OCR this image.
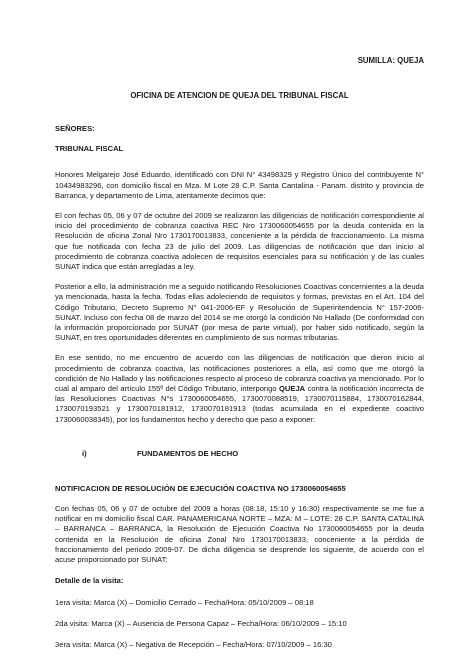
SUMILLA: QUEJA
OFICINA DE ATENCION DE QUEJA DEL TRIBUNAL FISCAL
SEÑORES:
TRIBUNAL FISCAL

Honores Melgarejo José Eduardo, identificado con DNI N° 43498329 y Registro Único del contribuyente N° 10434983296, con domicilio fiscal en Mza. M Lote 28 C.P. Santa Cantalina - Panam. distrito y provincia de Barranca, y departamento de Lima, atentamente decimos que:

El con fechas 05, 06 y 07 de octubre del 2009 se realizaron las diligencias de notificación correspondiente al inicio del procedimiento de cobranza coactiva REC Nro 1730060054655 por la deuda contenida en la Resolución de oficina Zonal Nro 1730170013833, conceniente a la pérdida de fraccionamiento. La misma que fue notificada con fecha 23 de julio del 2009. Las diligencias de notificación que dan inicio al procedimiento de cobranza coactiva adolecen de requisitos esenciales para su notificación y de las cuales SUNAT indica que están arregladas a ley.

Posterior a ello, la administración me a seguido notificando Resoluciones Coactivas concernientes a la deuda ya mencionada, hasta la fecha. Todas ellas adoleciendo de requisitos y formas, previstas en el Art. 104 del Código Tributario, Decreto Supremo N° 041-2006-EF y Resolución de Superintendencia N° 157-2006-SUNAT. Incluso con fecha 08 de marzo del 2014 se me otorgó la condición No Hallado (De conformidad con la información proporcionado por SUNAT (por mesa de parte virtual), por haber sido notificado, según la SUNAT, en tres oportunidades diferentes en cumplimiento de sus normas tributarias.

En ese sentido, no me encuentro de acuerdo con las diligencias de notificación que dieron inicio al procedimiento de cobranza coactiva, las notificaciones posteriores a ella, así como que me otorgó la condición de No Hallado y las notificaciones respecto al proceso de cobranza coactiva ya mencionado. Por lo cual al amparo del artículo 155º del Código Tributario, interpongo QUEJA contra la notificación incorrecta de las Resoluciones Coactivas N°s 1730060054655, 1730070088519, 1730070115884, 1730070162844, 1730070193521 y 1730070181912, 1730070181913 (todas acumulada en el expediente coactivo 1730060038345), por los fundamentos hecho y derecho que paso a exponer:

i)	FUNDAMENTOS DE HECHO
NOTIFICACION DE RESOLUCIÓN DE EJECUCIÓN COACTIVA NO 1730060054655

Con fechas 05, 06 y 07 de octubre del 2009 a horas (08:18, 15:10 y 16:30) respectivamente se me fue a notificar en mi domicilio fiscal CAR. PANAMERICANA NORTE – MZA: M – LOTE: 28 C.P. SANTA CATALINA – BARRANCA – BARRANCA, la Resolución de Ejecución Coactiva No 1730060054655 por la deuda contenida en la Resolución de oficina Zonal Nro 1730170013833, conceniente a la pérdida de fraccionamiento del periodo 2009-07. De dicha diligencia se desprende los siguiente, de acuerdo con el acuse proporcionado por SUNAT:

Detalle de la visita:
1era visita: Marca (X) – Domicilio Cerrado – Fecha/Hora: 05/10/2009 – 08:18
2da visita: Marca (X) – Ausencia de Persona Capaz – Fecha/Hora: 06/10/2009 – 15:10
3era visita: Marca (X) – Negativa de Recepción – Fecha/Hora: 07/10/2009 – 16:30
